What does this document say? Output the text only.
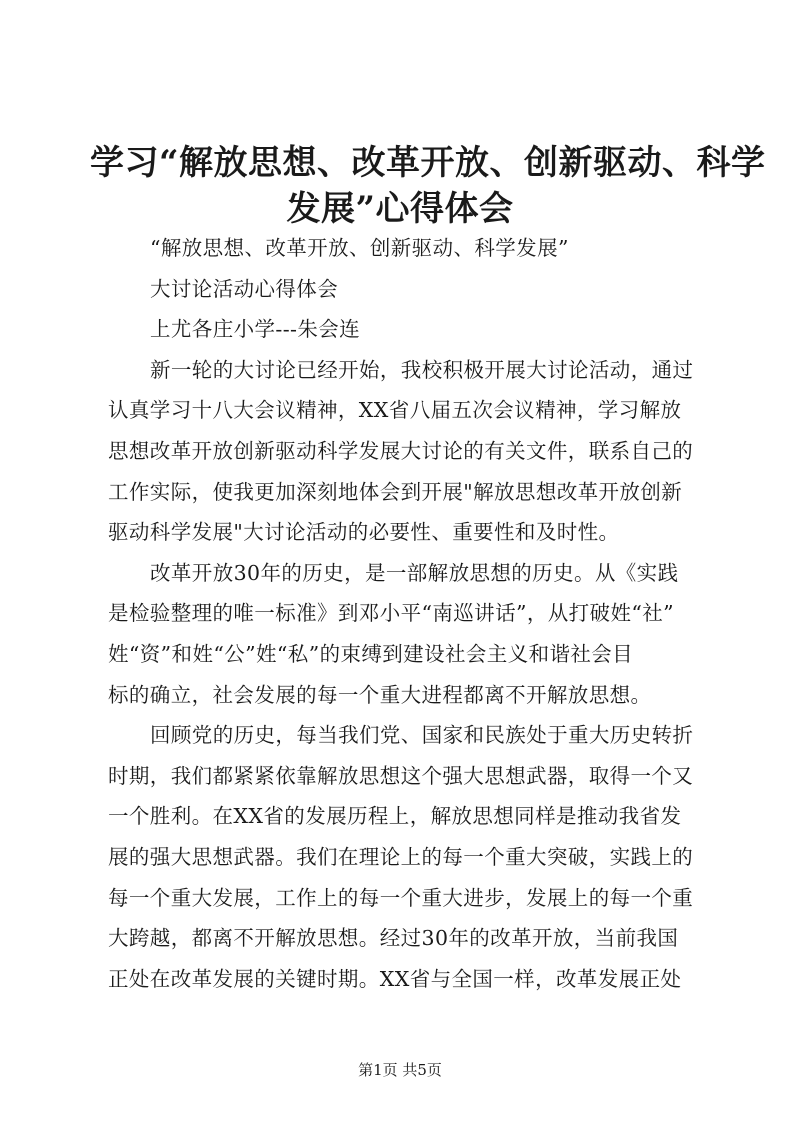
学习“解放思想、改革开放、创新驱动、科学
发展”心得体会
“解放思想、改革开放、创新驱动、科学发展”
大讨论活动心得体会
上尤各庄小学---朱会连
新一轮的大讨论已经开始，我校积极开展大讨论活动，通过
认真学习十八大会议精神，XX省八届五次会议精神，学习解放
思想改革开放创新驱动科学发展大讨论的有关文件，联系自己的
工作实际，使我更加深刻地体会到开展"解放思想改革开放创新
驱动科学发展"大讨论活动的必要性、重要性和及时性。
改革开放30年的历史，是一部解放思想的历史。从《实践
是检验整理的唯一标准》到邓小平“南巡讲话”，从打破姓“社”
姓“资”和姓“公”姓“私”的束缚到建设社会主义和谐社会目
标的确立，社会发展的每一个重大进程都离不开解放思想。
回顾党的历史，每当我们党、国家和民族处于重大历史转折
时期，我们都紧紧依靠解放思想这个强大思想武器，取得一个又
一个胜利。在XX省的发展历程上，解放思想同样是推动我省发
展的强大思想武器。我们在理论上的每一个重大突破，实践上的
每一个重大发展，工作上的每一个重大进步，发展上的每一个重
大跨越，都离不开解放思想。经过30年的改革开放，当前我国
正处在改革发展的关键时期。XX省与全国一样，改革发展正处
第1页 共5页
